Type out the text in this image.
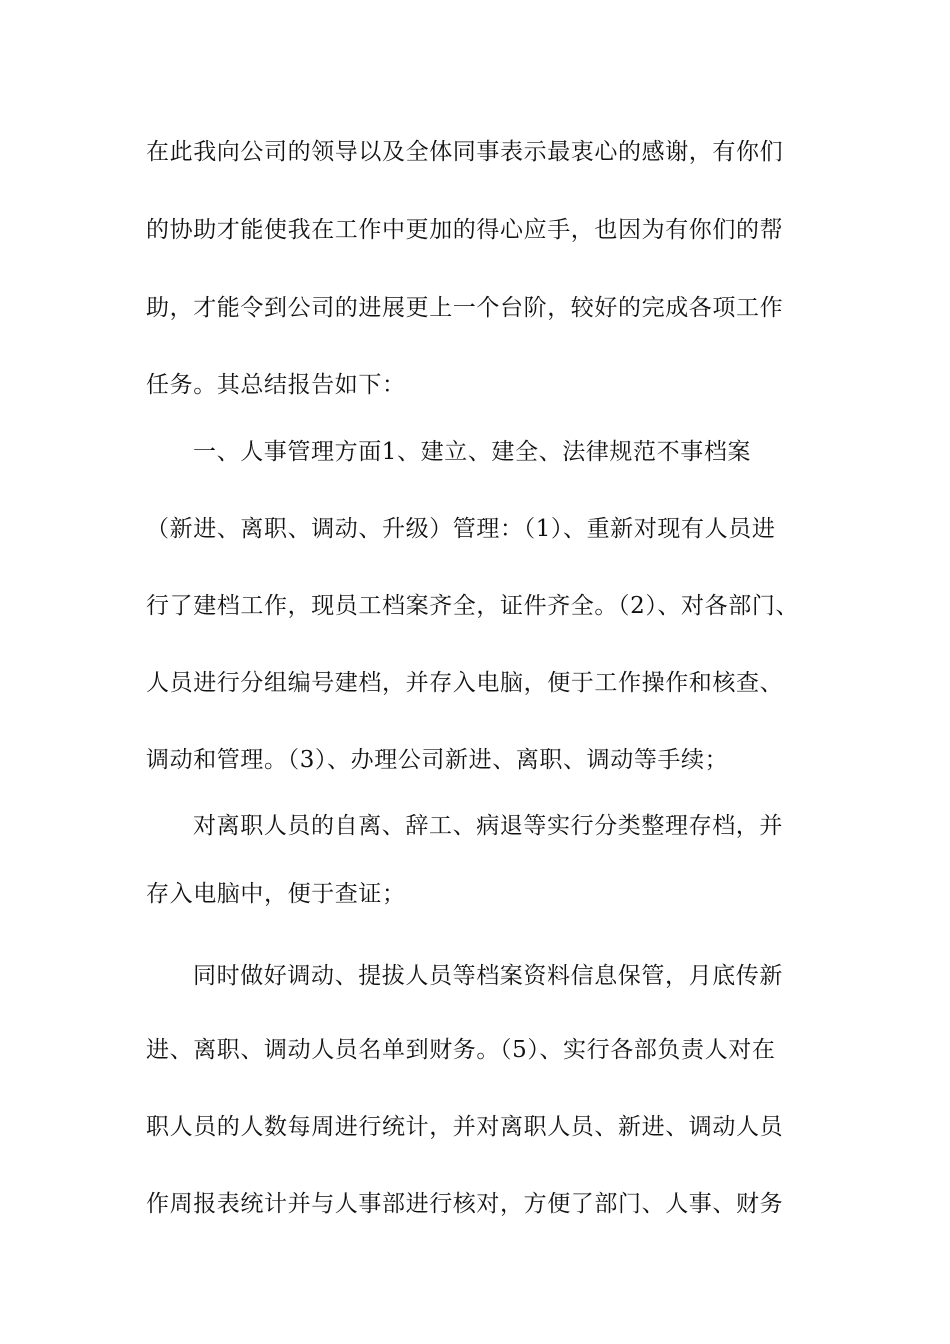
在此我向公司的领导以及全体同事表示最衷心的感谢，有你们
的协助才能使我在工作中更加的得心应手，也因为有你们的帮
助，才能令到公司的进展更上一个台阶，较好的完成各项工作
任务。其总结报告如下：
一、人事管理方面1、建立、建全、法律规范不事档案
（新进、离职、调动、升级）管理：（1）、重新对现有人员进
行了建档工作，现员工档案齐全，证件齐全。（2）、对各部门、
人员进行分组编号建档，并存入电脑，便于工作操作和核查、
调动和管理。（3）、办理公司新进、离职、调动等手续；
对离职人员的自离、辞工、病退等实行分类整理存档，并
存入电脑中，便于查证；
同时做好调动、提拔人员等档案资料信息保管，月底传新
进、离职、调动人员名单到财务。（5）、实行各部负责人对在
职人员的人数每周进行统计，并对离职人员、新进、调动人员
作周报表统计并与人事部进行核对，方便了部门、人事、财务
